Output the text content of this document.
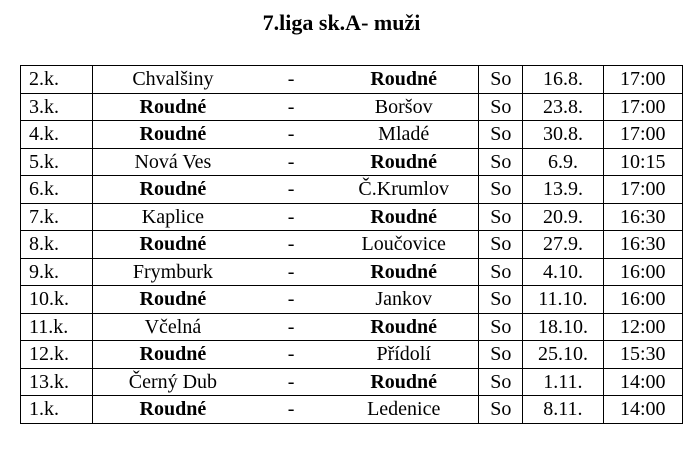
7.liga sk.A- muži
2.k.	Chvalšiny	-	Roudné	So	16.8.	17:00
3.k.	Roudné	-	Boršov	So	23.8.	17:00
4.k.	Roudné	-	Mladé	So	30.8.	17:00
5.k.	Nová Ves	-	Roudné	So	6.9.	10:15
6.k.	Roudné	-	Č.Krumlov	So	13.9.	17:00
7.k.	Kaplice	-	Roudné	So	20.9.	16:30
8.k.	Roudné	-	Loučovice	So	27.9.	16:30
9.k.	Frymburk	-	Roudné	So	4.10.	16:00
10.k.	Roudné	-	Jankov	So	11.10.	16:00
11.k.	Včelná	-	Roudné	So	18.10.	12:00
12.k.	Roudné	-	Přídolí	So	25.10.	15:30
13.k.	Černý Dub	-	Roudné	So	1.11.	14:00
1.k.	Roudné	-	Ledenice	So	8.11.	14:00
